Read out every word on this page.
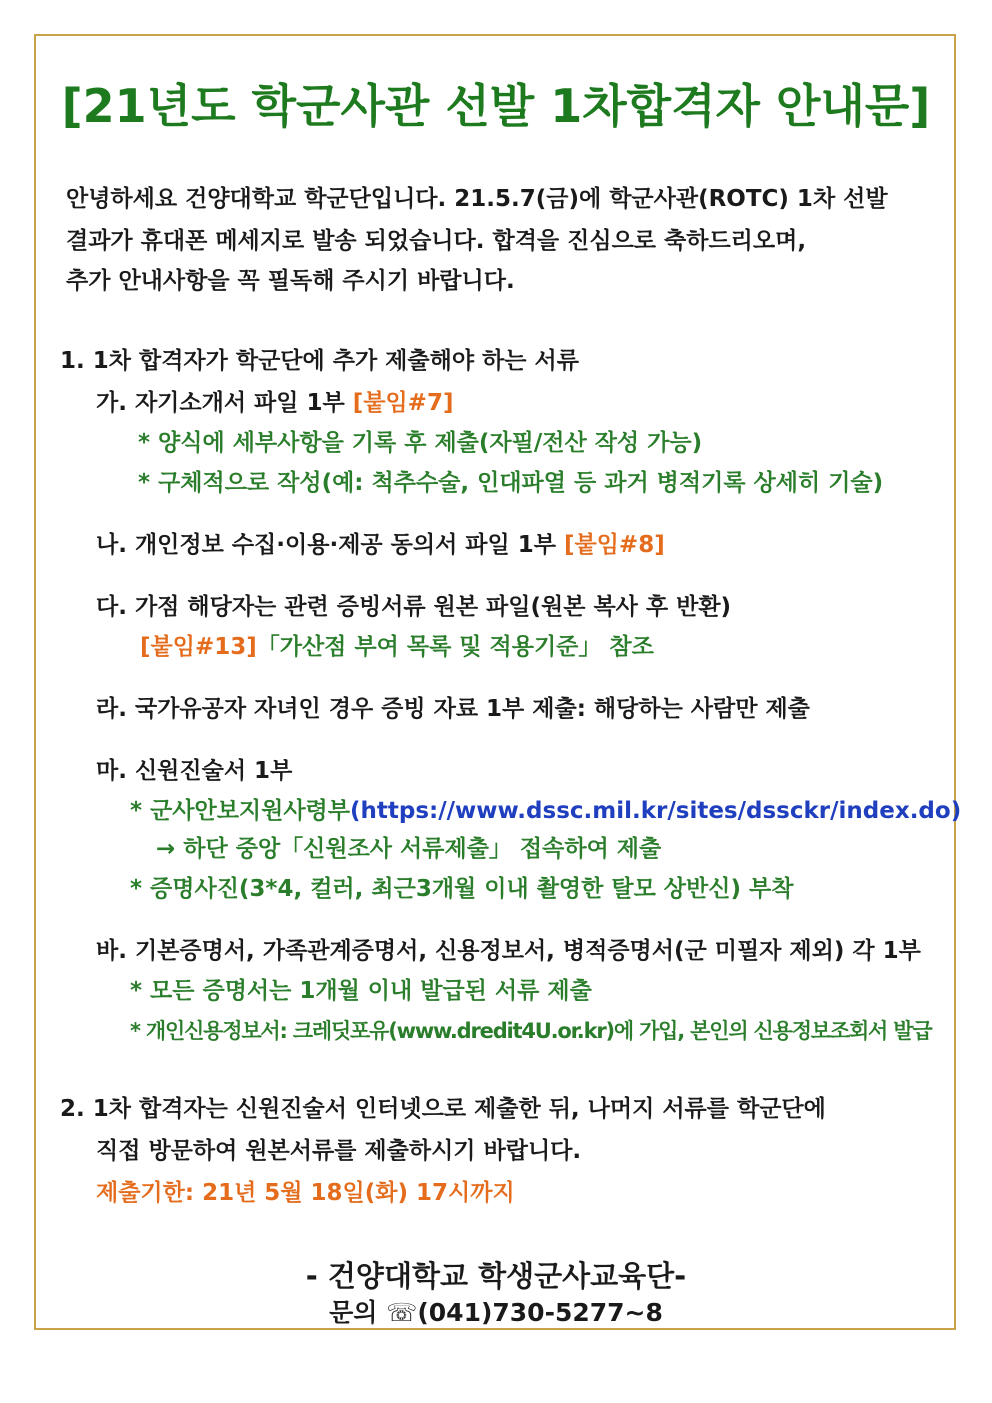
[21년도 학군사관 선발 1차합격자 안내문]
안녕하세요 건양대학교 학군단입니다. 21.5.7(금)에 학군사관(ROTC) 1차 선발
결과가 휴대폰 메세지로 발송 되었습니다. 합격을 진심으로 축하드리오며,
추가 안내사항을 꼭 필독해 주시기 바랍니다.
1. 1차 합격자가 학군단에 추가 제출해야 하는 서류
가. 자기소개서 파일 1부 [붙임#7]
* 양식에 세부사항을 기록 후 제출(자필/전산 작성 가능)
* 구체적으로 작성(예: 척추수술, 인대파열 등 과거 병적기록 상세히 기술)
나. 개인정보 수집·이용·제공 동의서 파일 1부 [붙임#8]
다. 가점 해당자는 관련 증빙서류 원본 파일(원본 복사 후 반환)
[붙임#13]「가산점 부여 목록 및 적용기준」 참조
라. 국가유공자 자녀인 경우 증빙 자료 1부 제출: 해당하는 사람만 제출
마. 신원진술서 1부
* 군사안보지원사령부(https://www.dssc.mil.kr/sites/dssckr/index.do)
→ 하단 중앙「신원조사 서류제출」 접속하여 제출
* 증명사진(3*4, 컬러, 최근3개월 이내 촬영한 탈모 상반신) 부착
바. 기본증명서, 가족관계증명서, 신용정보서, 병적증명서(군 미필자 제외) 각 1부
* 모든 증명서는 1개월 이내 발급된 서류 제출
* 개인신용정보서: 크레딧포유(www.dredit4U.or.kr)에 가입, 본인의 신용정보조회서 발급
2. 1차 합격자는 신원진술서 인터넷으로 제출한 뒤, 나머지 서류를 학군단에
직접 방문하여 원본서류를 제출하시기 바랍니다.
제출기한: 21년 5월 18일(화) 17시까지
- 건양대학교 학생군사교육단-
문의 ☏(041)730-5277~8
